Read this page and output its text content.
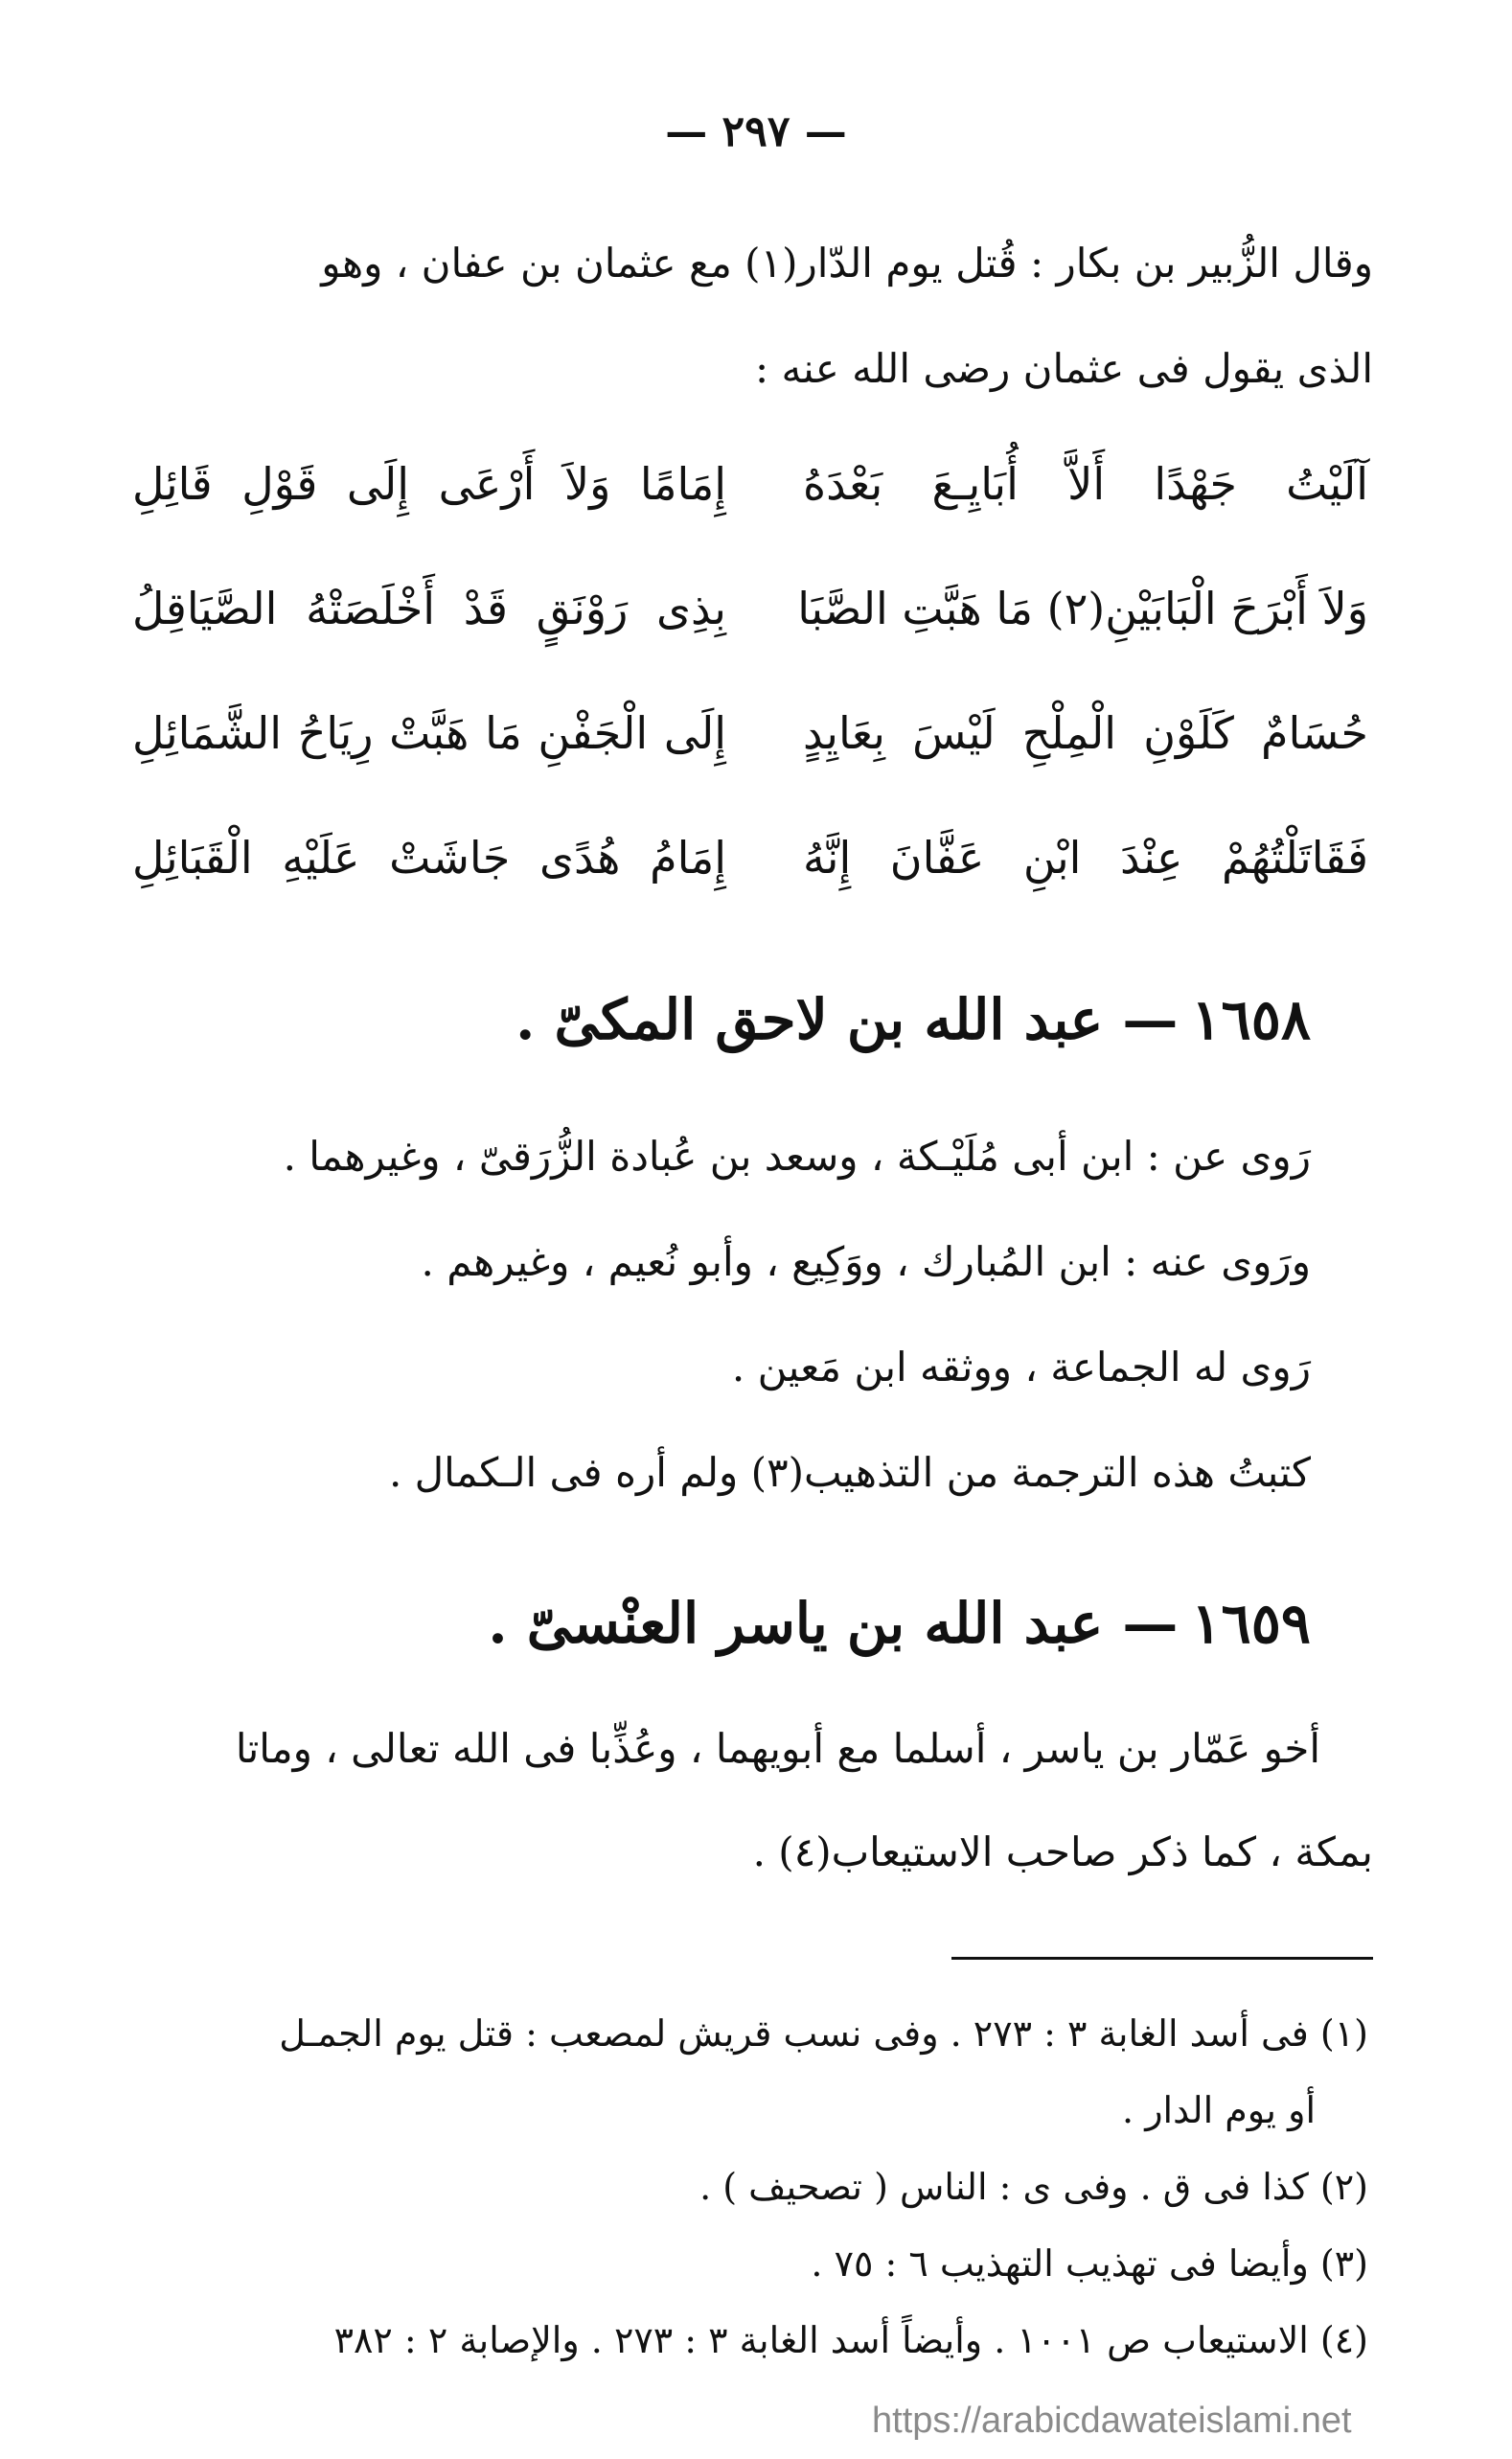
— ٢٩٧ —
وقال الزُّبير بن بكار : قُتل يوم الدّار(١) مع عثمان بن عفان ، وهو
الذى يقول فى عثمان رضى الله عنه :
آلَيْتُ جَهْدًا أَلاَّ أُبَايِـعَ بَعْدَهُ
إِمَامًا وَلاَ أَرْعَى إِلَى قَوْلِ قَائِلِ
وَلاَ أَبْرَحَ الْبَابَيْنِ(٢) مَا هَبَّتِ الصَّبَا
بِذِى رَوْنَقٍ قَدْ أَخْلَصَتْهُ الصَّيَاقِلُ
حُسَامٌ كَلَوْنِ الْمِلْحِ لَيْسَ بِعَايِدٍ
إِلَى الْجَفْنِ مَا هَبَّتْ رِيَاحُ الشَّمَائِلِ
فَقَاتَلْتُهُمْ عِنْدَ ابْنِ عَفَّانَ إِنَّهُ
إِمَامُ هُدًى جَاشَتْ عَلَيْهِ الْقَبَائِلِ
١٦٥٨— عبد الله بن لاحق المكىّ .
رَوى عن : ابن أبى مُلَيْـكة ، وسعد بن عُبادة الزُّرَقىّ ، وغيرهما .
ورَوى عنه : ابن المُبارك ، ووَكِيع ، وأبو نُعيم ، وغيرهم .
رَوى له الجماعة ، ووثقه ابن مَعين .
كتبتُ هذه الترجمة من التذهيب(٣) ولم أره فى الـكمال .
١٦٥٩— عبد الله بن ياسر العنْسىّ .
أخو عَمّار بن ياسر ، أسلما مع أبويهما ، وعُذِّبا فى الله تعالى ، وماتا
بمكة ، كما ذكر صاحب الاستيعاب(٤) .
(١) فى أسد الغابة ٣ : ٢٧٣ . وفى نسب قريش لمصعب : قتل يوم الجمـل
أو يوم الدار .
(٢) كذا فى ق . وفى ى : الناس ( تصحيف ) .
(٣) وأيضا فى تهذيب التهذيب ٦ : ٧٥ .
(٤) الاستيعاب ص ١٠٠١ . وأيضاً أسد الغابة ٣ : ٢٧٣ . والإصابة ٢ : ٣٨٢
https://arabicdawateislami.net
